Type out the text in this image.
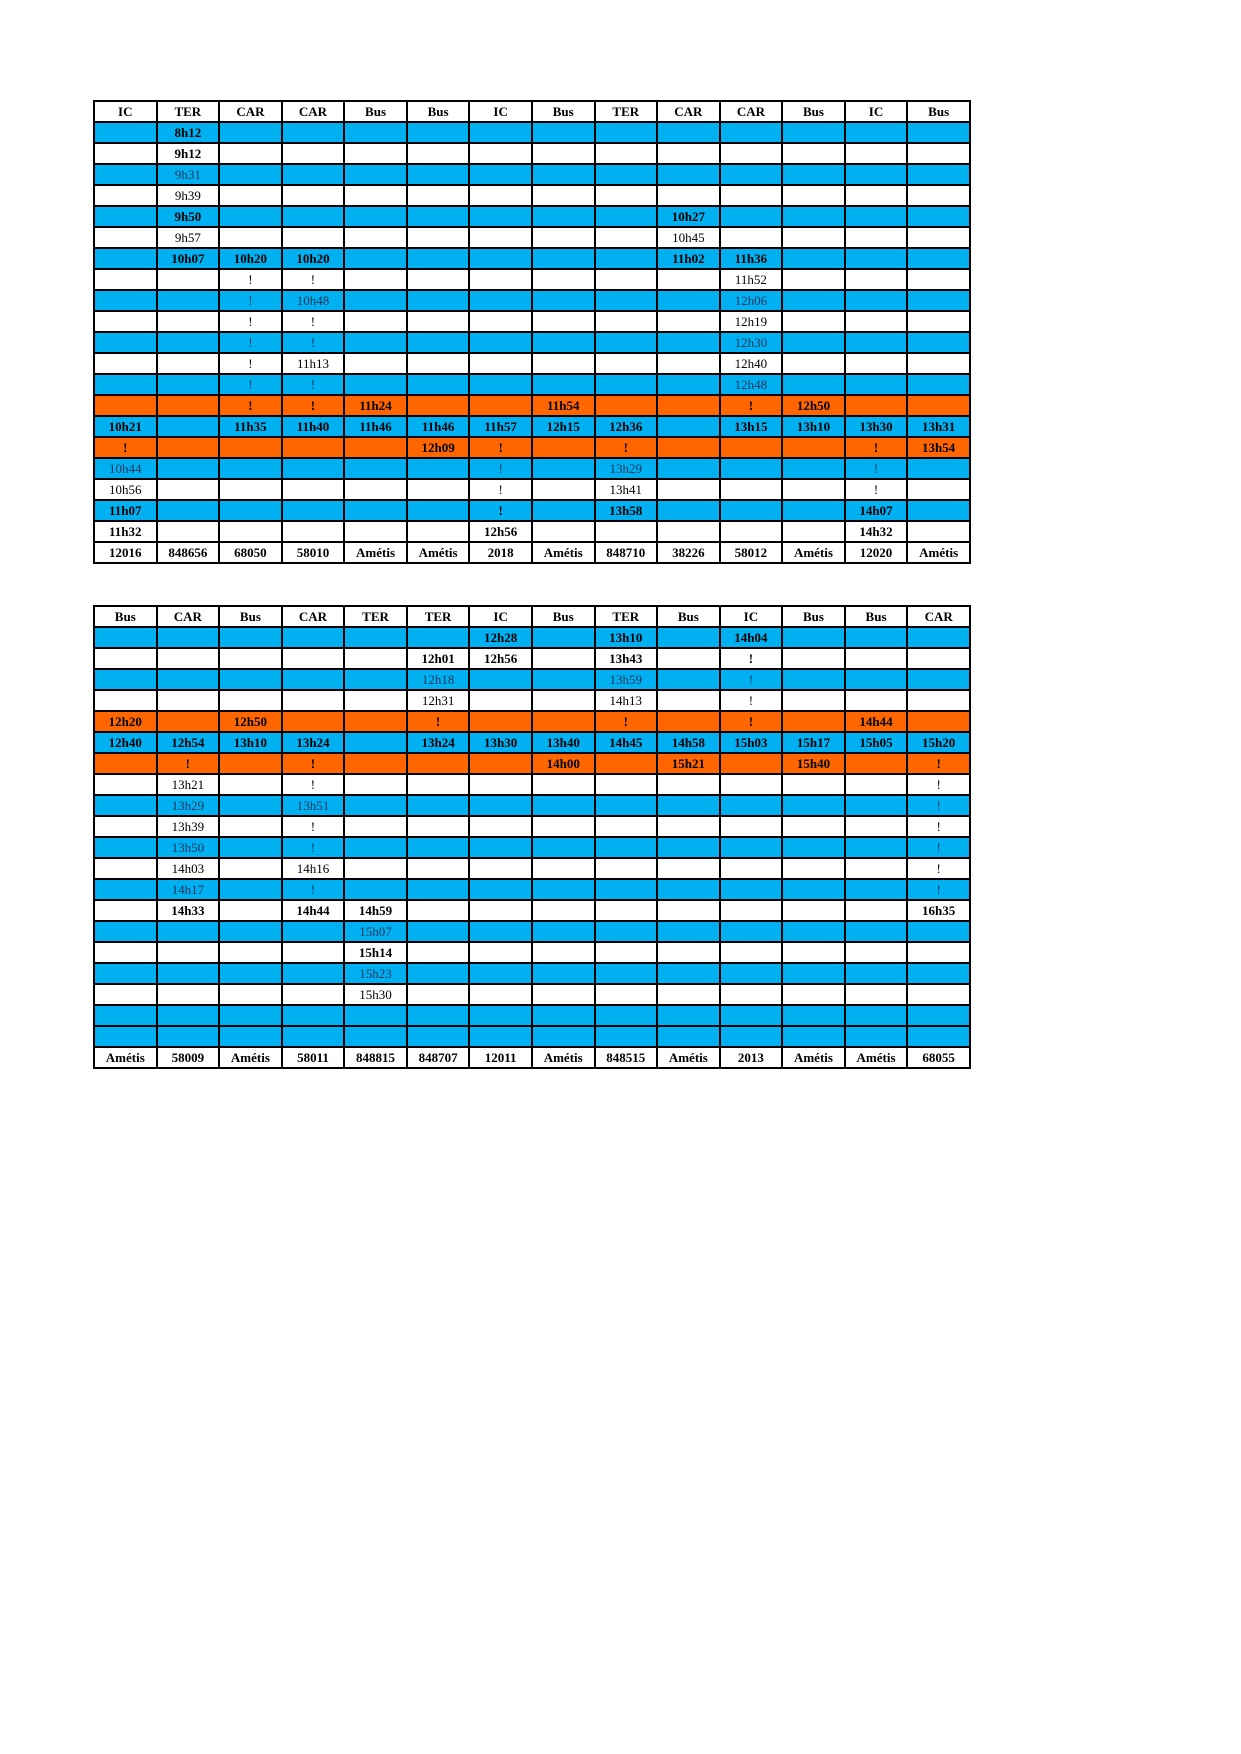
IC	TER	CAR	CAR	Bus	Bus	IC	Bus	TER	CAR	CAR	Bus	IC	Bus
	8h12												
	9h12												
	9h31												
	9h39												
	9h50								10h27				
	9h57								10h45				
	10h07	10h20	10h20						11h02	11h36			
		!	!							11h52			
		!	10h48							12h06			
		!	!							12h19			
		!	!							12h30			
		!	11h13							12h40			
		!	!							12h48			
		!	!	11h24			11h54			!	12h50		
10h21		11h35	11h40	11h46	11h46	11h57	12h15	12h36		13h15	13h10	13h30	13h31
!					12h09	!		!				!	13h54
10h44						!		13h29				!	
10h56						!		13h41				!	
11h07						!		13h58				14h07	
11h32						12h56						14h32	
12016	848656	68050	58010	Amétis	Amétis	2018	Amétis	848710	38226	58012	Amétis	12020	Amétis
Bus	CAR	Bus	CAR	TER	TER	IC	Bus	TER	Bus	IC	Bus	Bus	CAR
						12h28		13h10		14h04			
					12h01	12h56		13h43		!			
					12h18			13h59		!			
					12h31			14h13		!			
12h20		12h50			!			!		!		14h44	
12h40	12h54	13h10	13h24		13h24	13h30	13h40	14h45	14h58	15h03	15h17	15h05	15h20
	!		!				14h00		15h21		15h40		!
	13h21		!										!
	13h29		13h51										!
	13h39		!										!
	13h50		!										!
	14h03		14h16										!
	14h17		!										!
	14h33		14h44	14h59									16h35
				15h07									
				15h14									
				15h23									
				15h30									

Amétis	58009	Amétis	58011	848815	848707	12011	Amétis	848515	Amétis	2013	Amétis	Amétis	68055
